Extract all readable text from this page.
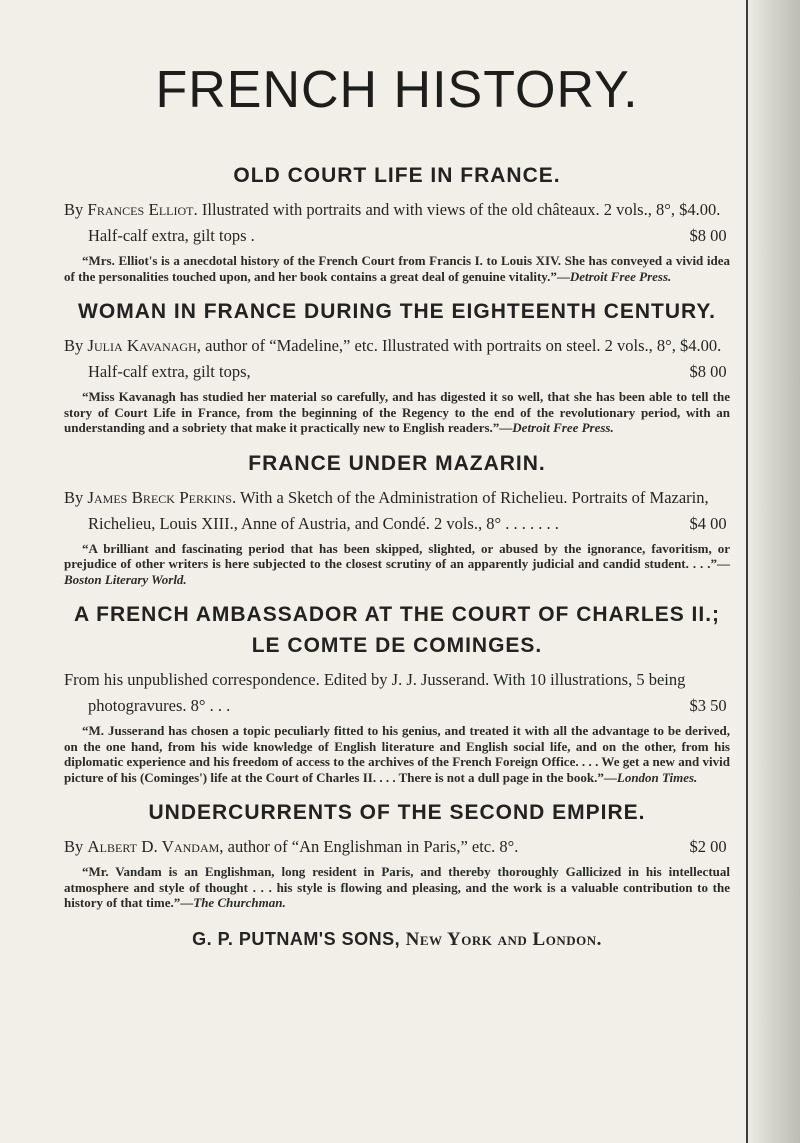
FRENCH HISTORY.
OLD COURT LIFE IN FRANCE.

By Frances Elliot. Illustrated with portraits and with views of the old châteaux. 2 vols., 8°, $4.00. Half-calf extra, gilt tops .	$8 00

“Mrs. Elliot's is a anecdotal history of the French Court from Francis I. to Louis XIV. She has conveyed a vivid idea of the personalities touched upon, and her book contains a great deal of genuine vitality.”—Detroit Free Press.

WOMAN IN FRANCE DURING THE EIGHTEENTH CENTURY.

By Julia Kavanagh, author of “Madeline,” etc. Illustrated with portraits on steel. 2 vols., 8°, $4.00. Half-calf extra, gilt tops,	$8 00

“Miss Kavanagh has studied her material so carefully, and has digested it so well, that she has been able to tell the story of Court Life in France, from the beginning of the Regency to the end of the revolutionary period, with an understanding and a sobriety that make it practically new to English readers.”—Detroit Free Press.

FRANCE UNDER MAZARIN.

By James Breck Perkins. With a Sketch of the Administration of Richelieu. Portraits of Mazarin, Richelieu, Louis XIII., Anne of Austria, and Condé. 2 vols., 8° . . . . . . .	$4 00

“A brilliant and fascinating period that has been skipped, slighted, or abused by the ignorance, favoritism, or prejudice of other writers is here subjected to the closest scrutiny of an apparently judicial and candid student. . . .”—Boston Literary World.

A FRENCH AMBASSADOR AT THE COURT OF CHARLES II.; LE COMTE DE COMINGES.

From his unpublished correspondence. Edited by J. J. Jusserand. With 10 illustrations, 5 being photogravures. 8° . . .	$3 50

“M. Jusserand has chosen a topic peculiarly fitted to his genius, and treated it with all the advantage to be derived, on the one hand, from his wide knowledge of English literature and English social life, and on the other, from his diplomatic experience and his freedom of access to the archives of the French Foreign Office. . . . We get a new and vivid picture of his (Cominges') life at the Court of Charles II. . . . There is not a dull page in the book.”—London Times.

UNDERCURRENTS OF THE SECOND EMPIRE.

By Albert D. Vandam, author of “An Englishman in Paris,” etc. 8°.	$2 00

“Mr. Vandam is an Englishman, long resident in Paris, and thereby thoroughly Gallicized in his intellectual atmosphere and style of thought . . . his style is flowing and pleasing, and the work is a valuable contribution to the history of that time.”—The Churchman.

G. P. PUTNAM'S SONS, New York and London.
